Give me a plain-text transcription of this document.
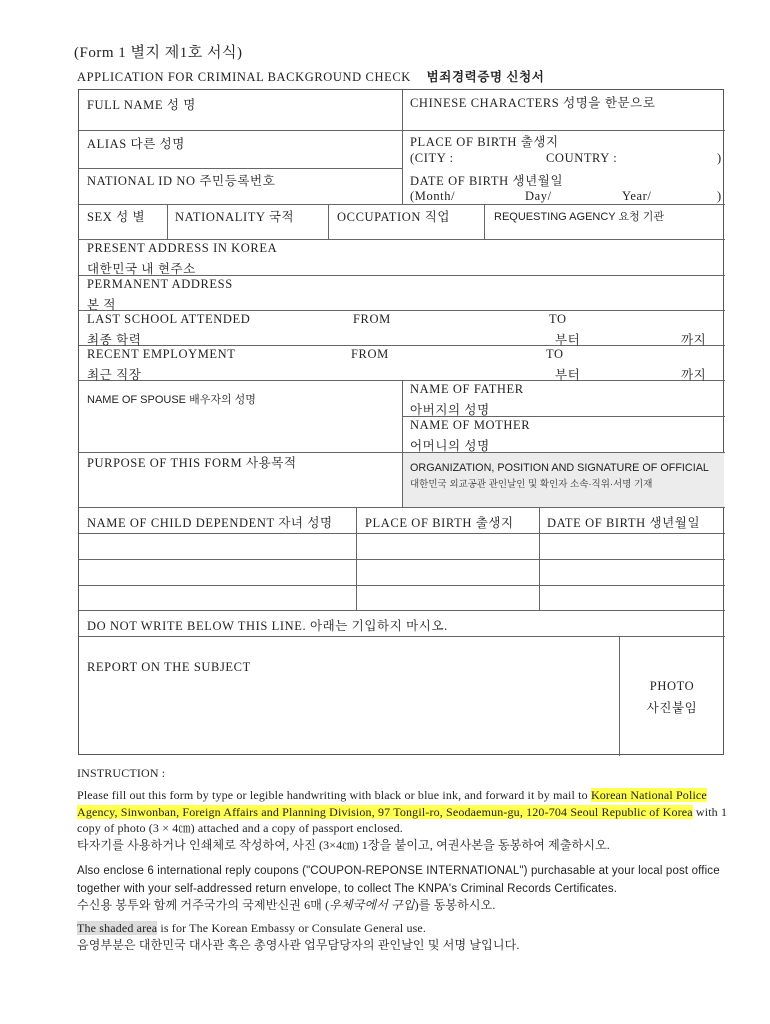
(Form 1 별지 제1호 서식)
APPLICATION FOR CRIMINAL BACKGROUND CHECK 범죄경력증명 신청서
FULL NAME 성 명	CHINESE CHARACTERS 성명을 한문으로
ALIAS 다른 성명
NATIONAL ID NO 주민등록번호
PLACE OF BIRTH 출생지
(CITY :	COUNTRY :	)
DATE OF BIRTH 생년월일
(Month/	Day/	Year/	)
SEX 성 별 NATIONALITY 국적	OCCUPATION 직업	REQUESTING AGENCY 요청 기관
PRESENT ADDRESS IN KOREA
대한민국 내 현주소
PERMANENT ADDRESS
본 적
LAST SCHOOL ATTENDED
최종 학력
FROM	TO
부터	까지
RECENT EMPLOYMENT
최근 직장
FROM	TO
부터	까지
NAME OF SPOUSE 배우자의 성명
NAME OF FATHER
아버지의 성명
NAME OF MOTHER
어머니의 성명
PURPOSE OF THIS FORM 사용목적	ORGANIZATION, POSITION AND SIGNATURE OF OFFICIAL
대한민국 외교공관 관인날인 및 확인자 소속·직위·서명 기재
NAME OF CHILD DEPENDENT 자녀 성명	PLACE OF BIRTH 출생지	DATE OF BIRTH 생년월일
DO NOT WRITE BELOW THIS LINE. 아래는 기입하지 마시오.
REPORT ON THE SUBJECT
PHOTO
사진붙임
INSTRUCTION :
Please fill out this form by type or legible handwriting with black or blue ink, and forward it by mail to Korean National Police Agency, Sinwonban, Foreign Affairs and Planning Division, 97 Tongil-ro, Seodaemun-gu, 120-704 Seoul Republic of Korea with 1 copy of photo (3 × 4㎝) attached and a copy of passport enclosed.
타자기를 사용하거나 인쇄체로 작성하여, 사진 (3×4㎝) 1장을 붙이고, 여권사본을 동봉하여 제출하시오.
Also enclose 6 international reply coupons ("COUPON-REPONSE INTERNATIONAL") purchasable at your local post office together with your self-addressed return envelope, to collect The KNPA's Criminal Records Certificates.
수신용 봉투와 함께 거주국가의 국제반신권 6매 (우체국에서 구입)를 동봉하시오.
The shaded area is for The Korean Embassy or Consulate General use.
음영부분은 대한민국 대사관 혹은 총영사관 업무담당자의 관인날인 및 서명 날입니다.
